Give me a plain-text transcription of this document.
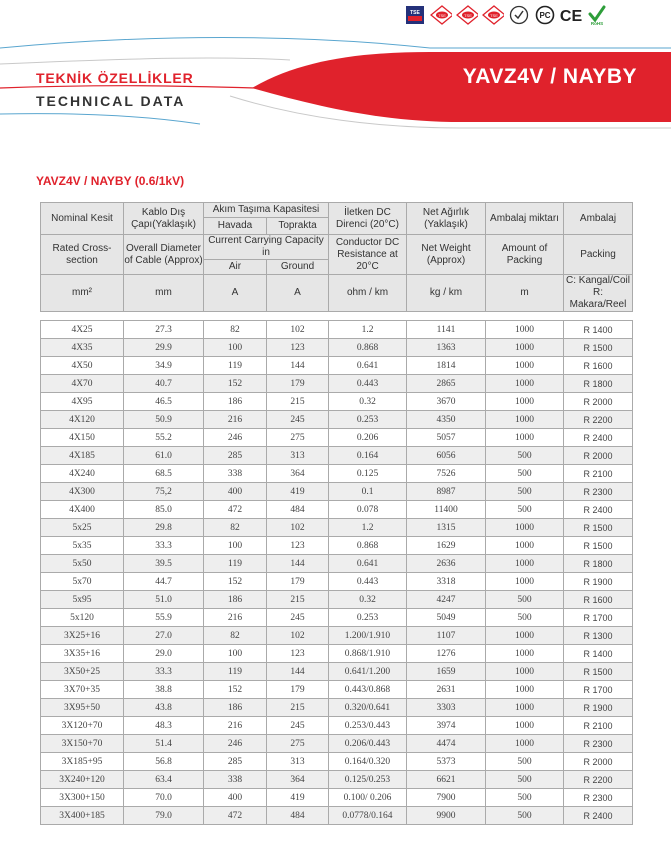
TSE	TSE	TSE	TSE	PC CE RoHS
TEKNİK ÖZELLİKLER
TECHNICAL DATA
YAVZ4V / NAYBY
YAVZ4V / NAYBY (0.6/1kV)
Nominal Kesit	Kablo Dış Çapı(Yaklaşık)	Akım Taşıma Kapasitesi		İletken DC Direnci (20°C)	Net Ağırlık (Yaklaşık)	Ambalaj miktarı	Ambalaj
		Havada	Toprakta				
Rated Cross-section	Overall Diameter of Cable (Approx)	Current Carrying Capacity in		Conductor DC Resistance at 20°C	Net Weight (Approx)	Amount of Packing	Packing
		Air	Ground				
mm²	mm	A	A	ohm / km	kg / km	m	C: Kangal/Coil
R: Makara/Reel

4X25	27.3	82	102	1.2	1141	1000	R 1400
4X35	29.9	100	123	0.868	1363	1000	R 1500
4X50	34.9	119	144	0.641	1814	1000	R 1600
4X70	40.7	152	179	0.443	2865	1000	R 1800
4X95	46.5	186	215	0.32	3670	1000	R 2000
4X120	50.9	216	245	0.253	4350	1000	R 2200
4X150	55.2	246	275	0.206	5057	1000	R 2400
4X185	61.0	285	313	0.164	6056	500	R 2000
4X240	68.5	338	364	0.125	7526	500	R 2100
4X300	75,2	400	419	0.1	8987	500	R 2300
4X400	85.0	472	484	0.078	11400	500	R 2400
5x25	29.8	82	102	1.2	1315	1000	R 1500
5x35	33.3	100	123	0.868	1629	1000	R 1500
5x50	39.5	119	144	0.641	2636	1000	R 1800
5x70	44.7	152	179	0.443	3318	1000	R 1900
5x95	51.0	186	215	0.32	4247	500	R 1600
5x120	55.9	216	245	0.253	5049	500	R 1700
3X25+16	27.0	82	102	1.200/1.910	1107	1000	R 1300
3X35+16	29.0	100	123	0.868/1.910	1276	1000	R 1400
3X50+25	33.3	119	144	0.641/1.200	1659	1000	R 1500
3X70+35	38.8	152	179	0.443/0.868	2631	1000	R 1700
3X95+50	43.8	186	215	0.320/0.641	3303	1000	R 1900
3X120+70	48.3	216	245	0.253/0.443	3974	1000	R 2100
3X150+70	51.4	246	275	0.206/0.443	4474	1000	R 2300
3X185+95	56.8	285	313	0.164/0.320	5373	500	R 2000
3X240+120	63.4	338	364	0.125/0.253	6621	500	R 2200
3X300+150	70.0	400	419	0.100/ 0.206	7900	500	R 2300
3X400+185	79.0	472	484	0.0778/0.164	9900	500	R 2400
